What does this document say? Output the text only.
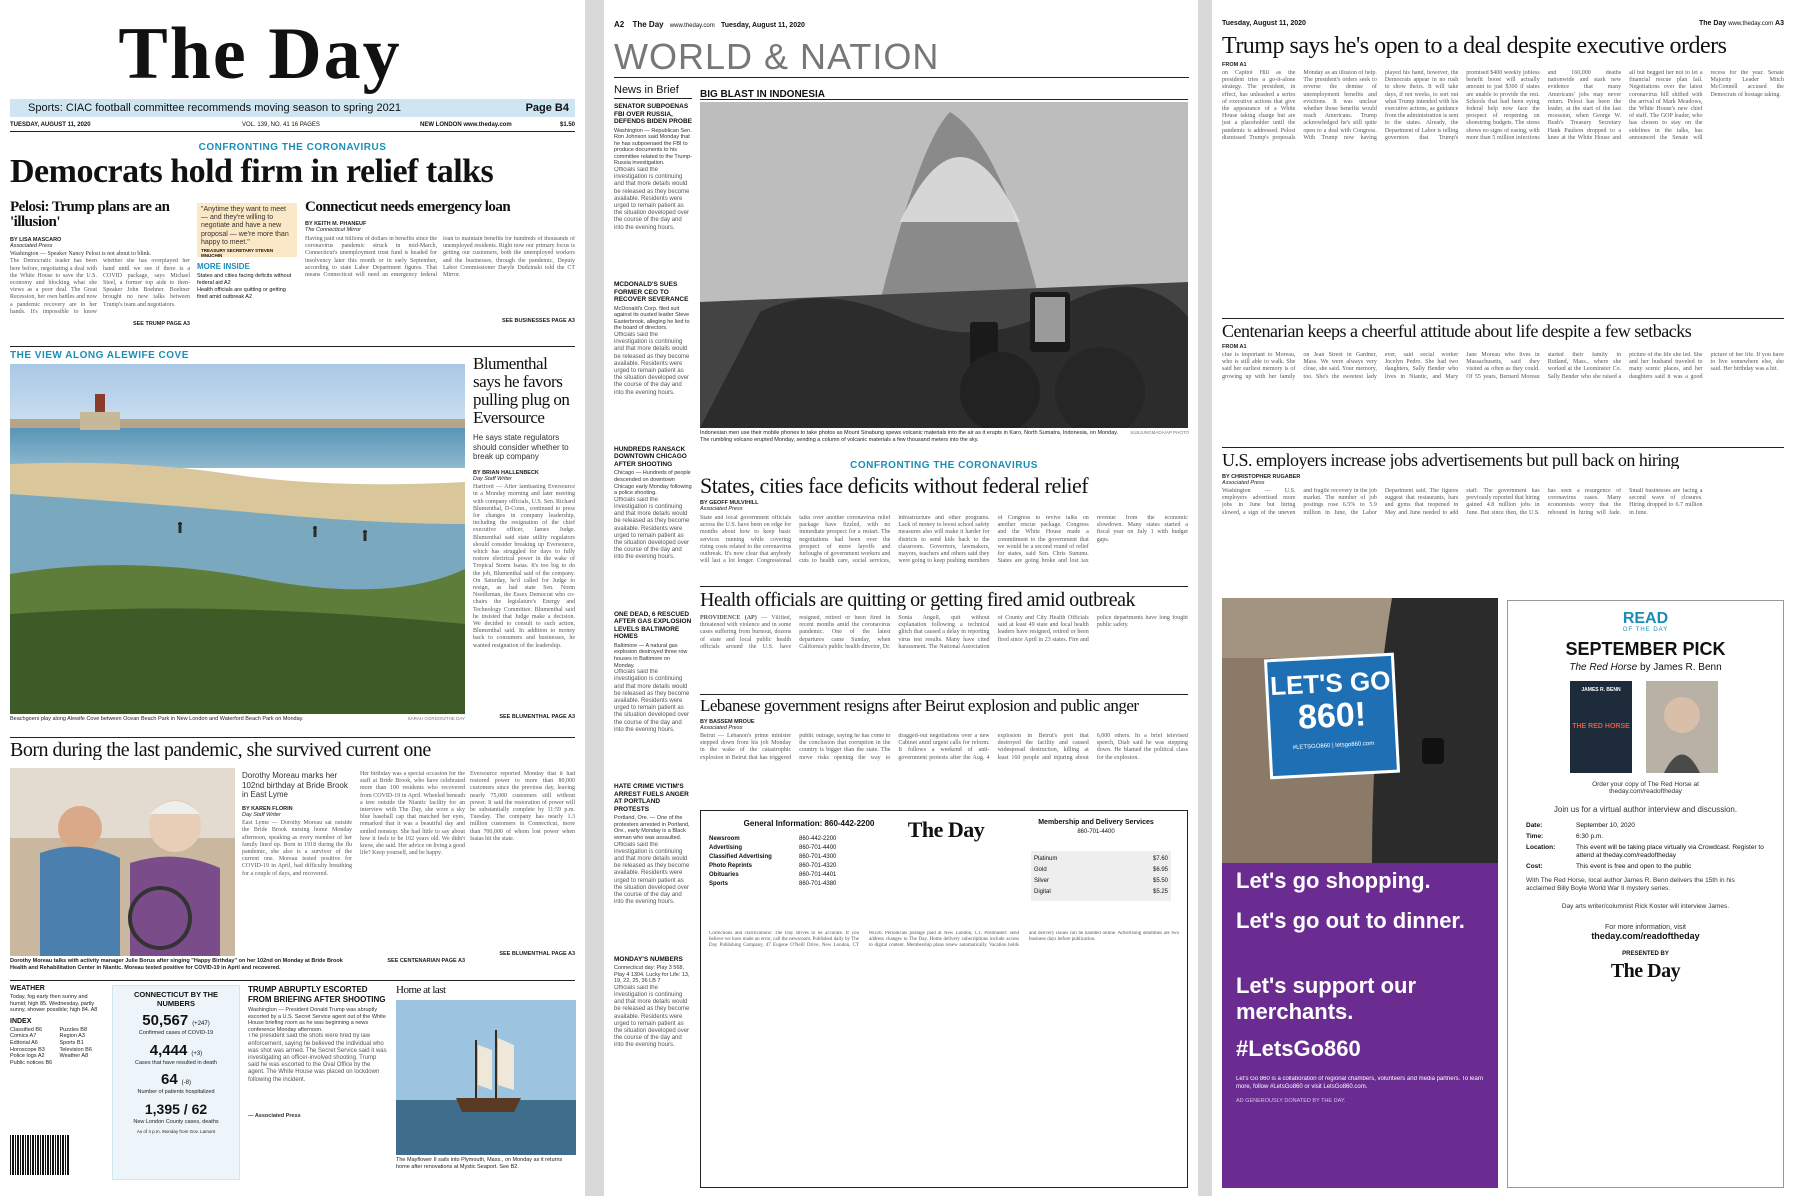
The Day
Sports: CIAC football committee recommends moving season to spring 2021	Page B4
TUESDAY, AUGUST 11, 2020	VOL. 139, NO. 41 16 PAGES	NEW LONDON www.theday.com	$1.50
CONFRONTING THE CORONAVIRUS
Democrats hold firm in relief talks
Pelosi: Trump plans are an 'illusion'
BY LISA MASCARO
Associated Press
Washington — Speaker Nancy Pelosi is not about to blink.
The Democratic leader has been here before, negotiating a deal with the White House to save the U.S. economy and blocking what she views as a poor deal. The Great Recession, her own battles and now a pandemic recovery are in her hands. It's impossible to know whether she has overplayed her hand until we see if there is a COVID package, says Michael Steel, a former top aide to then-Speaker John Boehner. Boehner brought no new talks between Trump's team and negotiators.
SEE TRUMP PAGE A3
"Anytime they want to meet — and they're willing to negotiate and have a new proposal — we're more than happy to meet."
TREASURY SECRETARY STEVEN MNUCHIN
MORE INSIDE
States and cities facing deficits without federal aid A2
Health officials are quitting or getting fired amid outbreak A2
Connecticut needs emergency loan
BY KEITH M. PHANEUF
The Connecticut Mirror
Having paid out billions of dollars in benefits since the coronavirus pandemic struck in mid-March, Connecticut's unemployment trust fund is headed for insolvency later this month or in early September, according to state Labor Department figures. That means Connecticut will need an emergency federal loan to maintain benefits for hundreds of thousands of unemployed residents. Right now our primary focus is getting our customers, both the unemployed workers and the businesses, through the pandemic, Deputy Labor Commissioner Daryle Dudzinski told the CT Mirror.
SEE BUSINESSES PAGE A3
THE VIEW ALONG ALEWIFE COVE
Beachgoers play along Alewife Cove between Ocean Beach Park in New London and Waterford Beach Park on Monday.	SARAH GORDON/THE DAY
Blumenthal says he favors pulling plug on Eversource
He says state regulators should consider whether to break up company
BY BRIAN HALLENBECK
Day Staff Writer
Hartford — After lambasting Eversource in a Monday morning and later meeting with company officials, U.S. Sen. Richard Blumenthal, D-Conn., continued to press for changes in company leadership, including the resignation of the chief executive officer, James Judge. Blumenthal said state utility regulators should consider breaking up Eversource, which has struggled for days to fully restore electrical power in the wake of Tropical Storm Isaias. It's too big to do the job, Blumenthal said of the company. On Saturday, he'd called for Judge to resign, as had state Sen. Norm Needleman, the Essex Democrat who co-chairs the legislature's Energy and Technology Committee. Blumenthal said he insisted that Judge make a decision. We decided to consult to such action, Blumenthal said. In addition to money back to consumers and businesses, he wanted resignation of the leadership.
SEE BLUMENTHAL PAGE A3
Born during the last pandemic, she survived current one
Dorothy Moreau marks her 102nd birthday at Bride Brook in East Lyme
BY KAREN FLORIN
Day Staff Writer
East Lyme — Dorothy Moreau sat outside the Bride Brook nursing home Monday afternoon, speaking as every member of her family lined up. Born in 1918 during the flu pandemic, she also is a survivor of the current one. Moreau tested positive for COVID-19 in April, had difficulty breathing for a couple of days, and recovered.
Her birthday was a special occasion for the staff at Bride Brook, who have celebrated more than 100 residents who recovered from COVID-19 in April. Wheeled beneath a tree outside the Niantic facility for an interview with The Day, she wore a sky blue baseball cap that matched her eyes, remarked that it was a beautiful day and smiled nonstop. She had little to say about how it feels to be 102 years old. We didn't know, she said. Her advice on living a good life? Keep yourself, and be happy.
Eversource reported Monday that it had restored power to more than 80,000 customers since the previous day, leaving nearly 75,000 customers still without power. It said the restoration of power will be substantially complete by 11:59 p.m. Tuesday. The company has nearly 1.3 million customers in Connecticut, more than 700,000 of whom lost power when Isaias hit the state.
SEE BLUMENTHAL PAGE A3
Dorothy Moreau talks with activity manager Julie Borus after singing "Happy Birthday" on her 102nd on Monday at Bride Brook Health and Rehabilitation Center in Niantic. Moreau tested positive for COVID-19 in April and recovered.
SEE CENTENARIAN PAGE A3
WEATHER
Today, fog early then sunny and humid; high 85. Wednesday, partly sunny, shower possible; high 84. A8
INDEX
Classified B6
Comics A7
Editorial A6
Horoscope B3
Police logs A2
Public notices B6
Puzzles B8
Region A3
Sports B1
Television B6
Weather A8
CONNECTICUT BY THE NUMBERS
50,567 (+247)
Confirmed cases of COVID-19
4,444 (+3)
Cases that have resulted in death
64 (-8)
Number of patients hospitalized
1,395 / 62
New London County cases, deaths
As of 4 p.m. Monday from Gov. Lamont
TRUMP ABRUPTLY ESCORTED FROM BRIEFING AFTER SHOOTING
Washington — President Donald Trump was abruptly escorted by a U.S. Secret Service agent out of the White House briefing room as he was beginning a news conference Monday afternoon.
The president said the shots were fired by law enforcement, saying he believed the individual who was shot was armed. The Secret Service said it was investigating an officer-involved shooting. Trump said he was escorted to the Oval Office by the agent. The White House was placed on lockdown following the incident.
— Associated Press
Home at last
The Mayflower II sails into Plymouth, Mass., on Monday as it returns home after renovations at Mystic Seaport. See B2.
A2 The Day www.theday.com Tuesday, August 11, 2020
WORLD & NATION
News in Brief
SENATOR SUBPOENAS FBI OVER RUSSIA, DEFENDS BIDEN PROBE
Washington — Republican Sen. Ron Johnson said Monday that he has subpoenaed the FBI to produce documents to his committee related to the Trump-Russia investigation.
Officials said the investigation is continuing and that more details would be released as they become available. Residents were urged to remain patient as the situation developed over the course of the day and into the evening hours.
MCDONALD'S SUES FORMER CEO TO RECOVER SEVERANCE
McDonald's Corp. filed suit against its ousted leader Steve Easterbrook, alleging he lied to the board of directors.
Officials said the investigation is continuing and that more details would be released as they become available. Residents were urged to remain patient as the situation developed over the course of the day and into the evening hours.
HUNDREDS RANSACK DOWNTOWN CHICAGO AFTER SHOOTING
Chicago — Hundreds of people descended on downtown Chicago early Monday following a police shooting.
Officials said the investigation is continuing and that more details would be released as they become available. Residents were urged to remain patient as the situation developed over the course of the day and into the evening hours.
ONE DEAD, 6 RESCUED AFTER GAS EXPLOSION LEVELS BALTIMORE HOMES
Baltimore — A natural gas explosion destroyed three row houses in Baltimore on Monday.
Officials said the investigation is continuing and that more details would be released as they become available. Residents were urged to remain patient as the situation developed over the course of the day and into the evening hours.
HATE CRIME VICTIM'S ARREST FUELS ANGER AT PORTLAND PROTESTS
Portland, Ore. — One of the protesters arrested in Portland, Ore., early Monday is a Black woman who was assaulted.
Officials said the investigation is continuing and that more details would be released as they become available. Residents were urged to remain patient as the situation developed over the course of the day and into the evening hours.
MONDAY'S NUMBERS
Connecticut day: Play 3 568, Play 4 1304. Lucky for Life: 13, 19, 22, 25, 36 LB 7
Officials said the investigation is continuing and that more details would be released as they become available. Residents were urged to remain patient as the situation developed over the course of the day and into the evening hours.
BIG BLAST IN INDONESIA
Indonesian men use their mobile phones to take photos as Mount Sinabung spews volcanic materials into the air as it erupts in Karo, North Sumatra, Indonesia, on Monday. The rumbling volcano erupted Monday, sending a column of volcanic materials a few thousand meters into the sky.
SUBJUNGMADA/AP PHOTO
CONFRONTING THE CORONAVIRUS
States, cities face deficits without federal relief
BY GEOFF MULVIHILL
Associated Press
State and local government officials across the U.S. have been on edge for months about how to keep basic services running while covering rising costs related to the coronavirus outbreak. It's now clear that anybody will last a lot longer. Congressional talks over another coronavirus relief package have fizzled, with no immediate prospect for a restart. The negotiations had been over the prospect of more layoffs and furloughs of government workers and cuts to health care, social services, infrastructure and other programs. Lack of money to boost school safety measures also will make it harder for districts to send kids back to the classroom. Governors, lawmakers, mayors, teachers and others said they were going to keep pushing members of Congress to revive talks on another rescue package. Congress and the White House made a commitment to the government that we would be a second round of relief for states, said Sen. Chris Sununu. States are going broke and lost tax revenue from the economic slowdown. Many states started a fiscal year on July 1 with budget gaps.
Health officials are quitting or getting fired amid outbreak
PROVIDENCE (AP) — Vilified, threatened with violence and in some cases suffering from burnout, dozens of state and local public health officials around the U.S. have resigned, retired or been fired in recent months amid the coronavirus pandemic. One of the latest departures came Sunday, when California's public health director, Dr. Sonia Angell, quit without explanation following a technical glitch that caused a delay in reporting virus test results. Many have cited harassment. The National Association of County and City Health Officials said at least 49 state and local health leaders have resigned, retired or been fired since April in 23 states. Fire and police departments have long fought public safety.
Lebanese government resigns after Beirut explosion and public anger
BY BASSEM MROUE
Associated Press
Beirut — Lebanon's prime minister stepped down from his job Monday in the wake of the catastrophic explosion in Beirut that has triggered public outrage, saying he has come to the conclusion that corruption in the country is bigger than the state. The move risks opening the way to dragged-out negotiations over a new Cabinet amid urgent calls for reform. It follows a weekend of anti-government protests after the Aug. 4 explosion in Beirut's port that destroyed the facility and caused widespread destruction, killing at least 160 people and injuring about 6,000 others. In a brief televised speech, Diab said he was stepping down. He blamed the political class for the explosion.
General Information: 860-442-2200
Newsroom	860-442-2200
Advertising	860-701-4400
Classified Advertising	860-701-4300
Photo Reprints	860-701-4320
Obituaries	860-701-4401
Sports	860-701-4380
The Day	Membership and Delivery Services
860-701-4400
Platinum	$7.60
Gold	$6.95
Silver	$5.50
Digital	$5.25
Corrections and clarifications: The Day strives to be accurate. If you believe we have made an error, call the newsroom. Published daily by The Day Publishing Company, 47 Eugene O'Neill Drive, New London, CT 06320. Periodicals postage paid at New London, CT. Postmaster: send address changes to The Day. Home delivery subscriptions include access to digital content. Membership plans renew automatically. Vacation holds and delivery issues can be handled online. Advertising deadlines are two business days before publication.
Tuesday, August 11, 2020	The Day www.theday.com A3
Trump says he's open to a deal despite executive orders
FROM A1
on Capitol Hill as the president tries a go-it-alone strategy. The president, in effect, has unleashed a series of executive actions that give the appearance of a White House taking charge but are just a placeholder until the pandemic is addressed. Pelosi dismissed Trump's proposals Monday as an illusion of help. The president's orders seek to reverse the demise of unemployment benefits and evictions. It was unclear whether those benefits would reach Americans. Trump acknowledged he's still quite open to a deal with Congress. With Trump now having played his hand, however, the Democrats appear in no rush to show theirs. It will take days, if not weeks, to sort out what Trump intended with his executive actions, as guidance from the administration is sent to the states. Already, the Department of Labor is telling governors that Trump's promised $400 weekly jobless benefit boost will actually amount to just $300 if states are unable to provide the rest. Schools that had been eying federal help now face the prospect of reopening on shoestring budgets. The stress shows no signs of easing, with more than 5 million infections and 160,000 deaths nationwide and stark new evidence that many Americans' jobs may never return. Pelosi has been the leader, at the start of the last recession, when George W. Bush's Treasury Secretary Hank Paulson dropped to a knee at the White House and all but begged her not to let a financial rescue plan fail. Negotiations over the latest coronavirus bill shifted with the arrival of Mark Meadows, the White House's new chief of staff. The GOP leader, who has chosen to stay on the sidelines in the talks, has announced the Senate will recess for the year. Senate Majority Leader Mitch McConnell accused the Democrats of hostage taking.
Centenarian keeps a cheerful attitude about life despite a few setbacks
FROM A1
clue is important to Moreau, who is still able to walk. She said her earliest memory is of growing up with her family on Jean Street in Gardner, Mass. We were always very close, she said. Your memory, too. She's the sweetest lady ever, said social worker Jocelyn Pedro. She had two daughters, Sally Bender who lives in Niantic, and Mary Jane Moreau who lives in Massachusetts, said they visited as often as they could. Of 55 years, Bernard Moreau started their family in Rutland, Mass., where she worked at the Leominster Co. Sally Bender who she raised a picture of the life she led. She and her husband traveled to many scenic places, and her daughters said it was a good picture of her life. If you have to live somewhere else, she said. Her birthday was a hit.
U.S. employers increase jobs advertisements but pull back on hiring
BY CHRISTOPHER RUGABER
Associated Press
Washington — U.S. employers advertised more jobs in June but hiring slowed, a sign of the uneven and fragile recovery in the job market. The number of job postings rose 6.5% to 5.9 million in June, the Labor Department said. The figures suggest that restaurants, bars and gyms that reopened in May and June needed to add staff. The government has previously reported that hiring gained 4.8 million jobs in June. But since then, the U.S. has seen a resurgence of coronavirus cases. Many economists worry that the rebound in hiring will fade. Small businesses are facing a second wave of closures. Hiring dropped to 6.7 million in June.
LET'S GO
860!
#LETSGO860 | letsgo860.com
Let's go shopping.
Let's go out to dinner.
Let's support our merchants.
#LetsGo860
Let's Go 860 is a collaboration of regional chambers, volunteers and media partners. To learn more, follow #LetsGo860 or visit LetsGo860.com.
AD GENEROUSLY DONATED BY THE DAY.
READ
OF THE DAY
SEPTEMBER PICK
The Red Horse by James R. Benn
JAMES R. BENN
THE RED HORSE
Order your copy of The Red Horse at theday.com/readoftheday
Join us for a virtual author interview and discussion.
Date:	September 10, 2020
Time:	6:30 p.m.
Location:	This event will be taking place virtually via Crowdcast. Register to attend at theday.com/readoftheday
Cost:	This event is free and open to the public
With The Red Horse, local author James R. Benn delivers the 15th in his acclaimed Billy Boyle World War II mystery series.
Day arts writer/columnist Rick Koster will interview James.
For more information, visit
theday.com/readoftheday
PRESENTED BY
The Day
